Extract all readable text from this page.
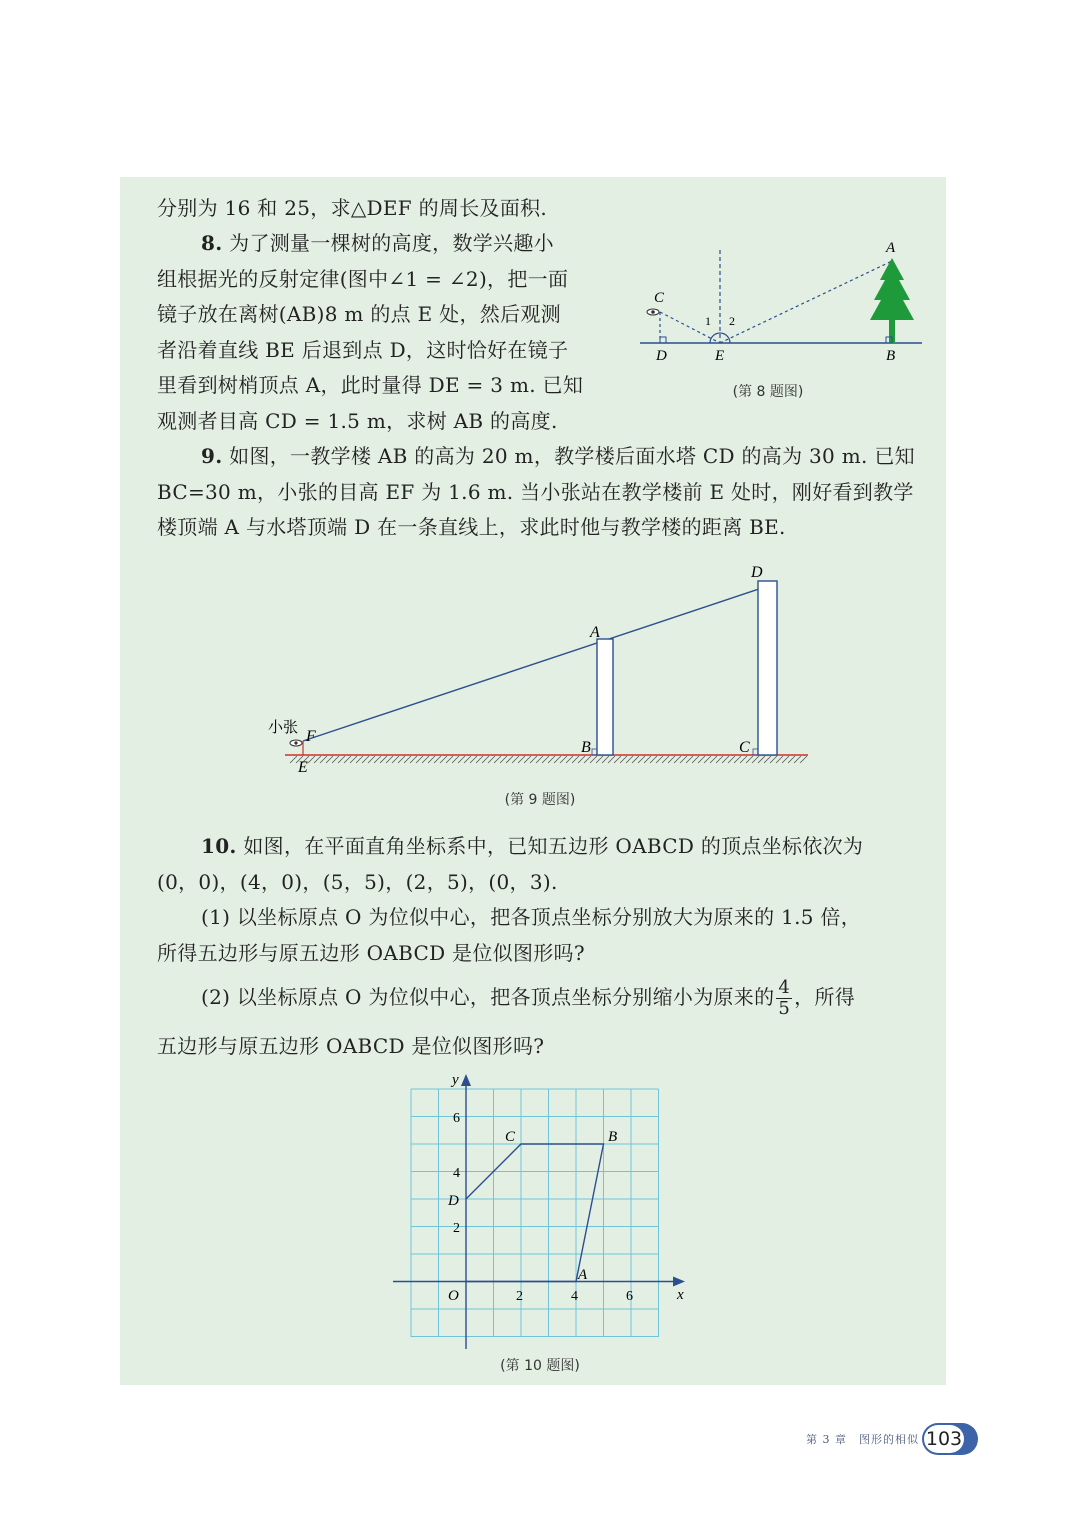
分别为 16 和 25，求△DEF 的周长及面积.

8. 为了测量一棵树的高度，数学兴趣小
组根据光的反射定律(图中∠1 = ∠2)，把一面
镜子放在离树(AB)8 m 的点 E 处，然后观测
者沿着直线 BE 后退到点 D，这时恰好在镜子
里看到树梢顶点 A，此时量得 DE = 3 m. 已知
观测者目高 CD = 1.5 m，求树 AB 的高度.
C
D	E	B
A
1 2
(第 8 题图)
9. 如图，一教学楼 AB 的高为 20 m，教学楼后面水塔 CD 的高为 30 m. 已知
BC=30 m，小张的目高 EF 为 1.6 m. 当小张站在教学楼前 E 处时，刚好看到教学
楼顶端 A 与水塔顶端 D 在一条直线上，求此时他与教学楼的距离 BE.
小张
F
E
A
B
D
C
(第 9 题图)
10. 如图，在平面直角坐标系中，已知五边形 OABCD 的顶点坐标依次为
(0，0)，(4，0)，(5，5)，(2，5)，(0，3).
(1) 以坐标原点 O 为位似中心，把各顶点坐标分别放大为原来的 1.5 倍，
所得五边形与原五边形 OABCD 是位似图形吗?
(2) 以坐标原点 O 为位似中心，把各顶点坐标分别缩小为原来的 $\frac{4}{5}$ ，所得

五边形与原五边形 OABCD 是位似图形吗?

x
y
O	2	4	6
2
4
6
A
B
C
D
(第 10 题图)
第 3 章　图形的相似 103
